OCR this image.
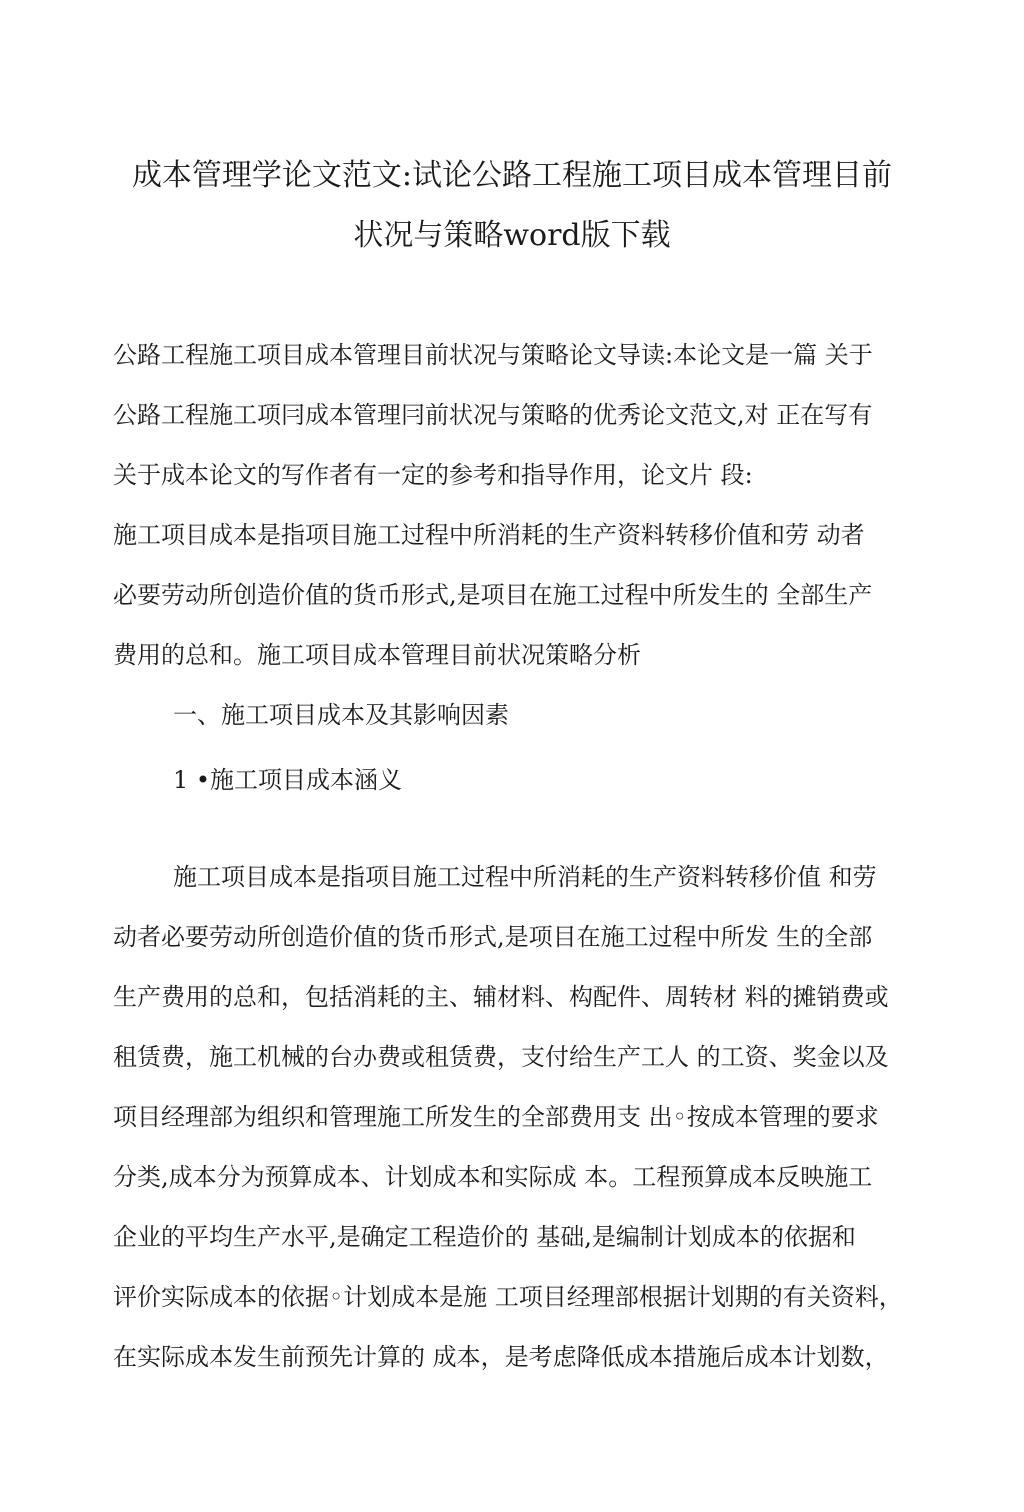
成本管理学论文范文:试论公路工程施工项目成本管理目前
状况与策略word版下载
公路工程施工项目成本管理目前状况与策略论文导读:本论文是一篇 关于
公路工程施工项冃成本管理冃前状况与策略的优秀论文范文,对 正在写有
关于成本论文的写作者有一定的参考和指导作用，论文片 段:
施工项目成本是指项目施工过程中所消耗的生产资料转移价值和劳 动者
必要劳动所创造价值的货币形式,是项目在施工过程中所发生的 全部生产
费用的总和。施工项目成本管理目前状况策略分析
一、施工项目成本及其影响因素
1 •施工项目成本涵义
施工项目成本是指项目施工过程中所消耗的生产资料转移价值 和劳
动者必要劳动所创造价值的货币形式,是项目在施工过程中所发 生的全部
生产费用的总和，包括消耗的主、辅材料、构配件、周转材 料的摊销费或
租赁费，施工机械的台办费或租赁费，支付给生产工人 的工资、奖金以及
项目经理部为组织和管理施工所发生的全部费用支 出◦按成本管理的要求
分类,成本分为预算成本、计划成本和实际成 本。工程预算成本反映施工
企业的平均生产水平,是确定工程造价的 基础,是编制计划成本的依据和
评价实际成本的依据◦计划成本是施 工项目经理部根据计划期的有关资料，
在实际成本发生前预先计算的 成本，是考虑降低成本措施后成本计划数，
